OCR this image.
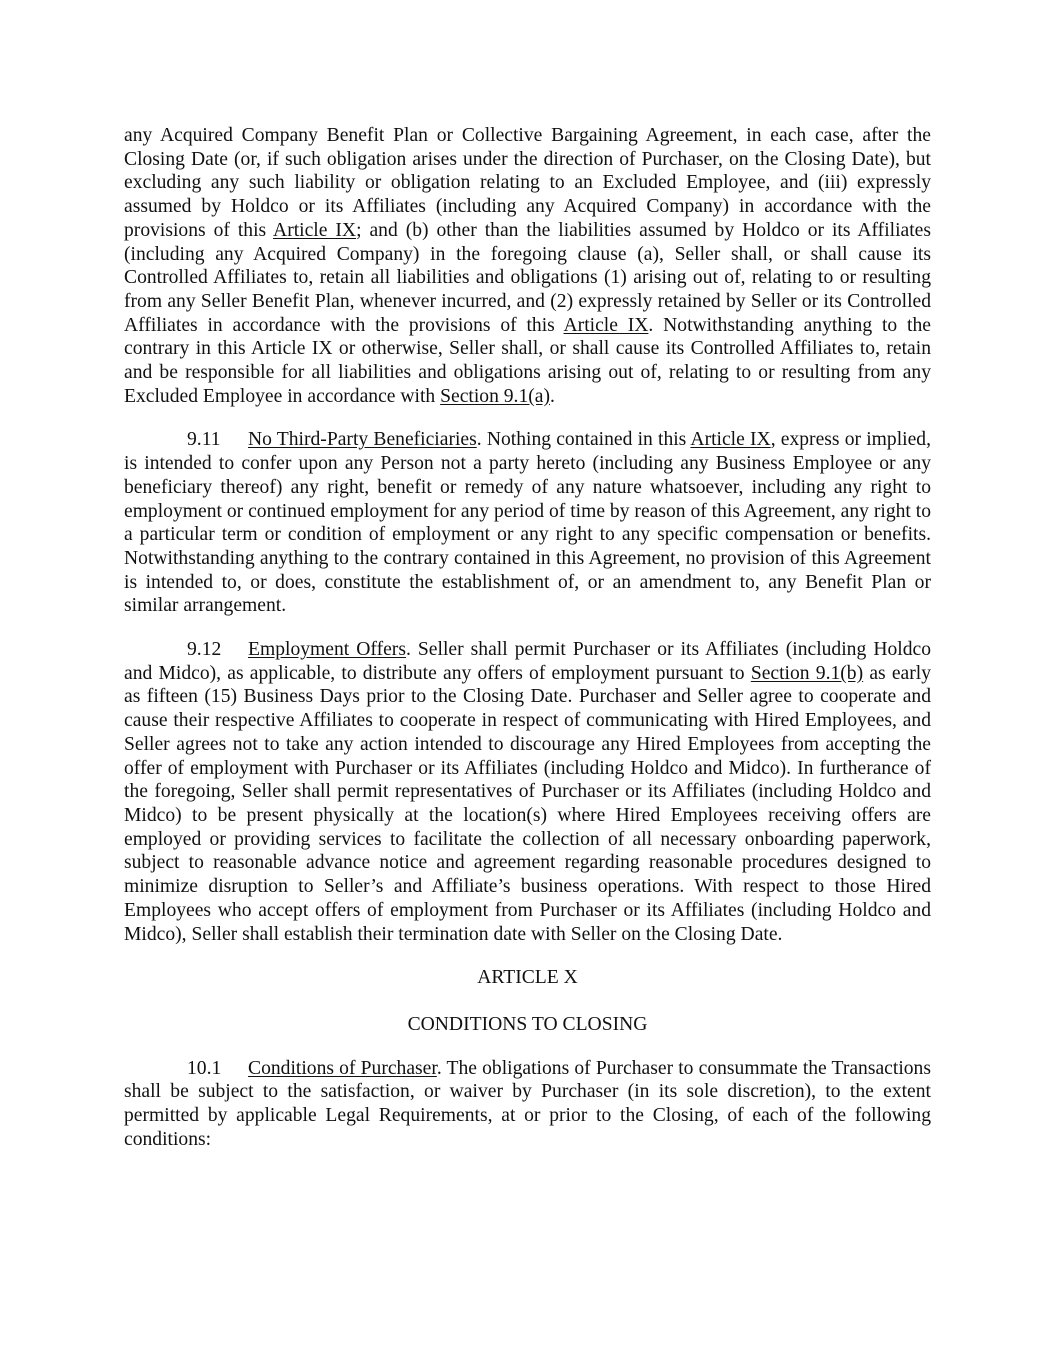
any Acquired Company Benefit Plan or Collective Bargaining Agreement, in each case, after the Closing Date (or, if such obligation arises under the direction of Purchaser, on the Closing Date), but excluding any such liability or obligation relating to an Excluded Employee, and (iii) expressly assumed by Holdco or its Affiliates (including any Acquired Company) in accordance with the provisions of this Article IX; and (b) other than the liabilities assumed by Holdco or its Affiliates (including any Acquired Company) in the foregoing clause (a), Seller shall, or shall cause its Controlled Affiliates to, retain all liabilities and obligations (1) arising out of, relating to or resulting from any Seller Benefit Plan, whenever incurred, and (2) expressly retained by Seller or its Controlled Affiliates in accordance with the provisions of this Article IX. Notwithstanding anything to the contrary in this Article IX or otherwise, Seller shall, or shall cause its Controlled Affiliates to, retain and be responsible for all liabilities and obligations arising out of, relating to or resulting from any Excluded Employee in accordance with Section 9.1(a).

9.11 No Third-Party Beneficiaries. Nothing contained in this Article IX, express or implied, is intended to confer upon any Person not a party hereto (including any Business Employee or any beneficiary thereof) any right, benefit or remedy of any nature whatsoever, including any right to employment or continued employment for any period of time by reason of this Agreement, any right to a particular term or condition of employment or any right to any specific compensation or benefits. Notwithstanding anything to the contrary contained in this Agreement, no provision of this Agreement is intended to, or does, constitute the establishment of, or an amendment to, any Benefit Plan or similar arrangement.

9.12 Employment Offers. Seller shall permit Purchaser or its Affiliates (including Holdco and Midco), as applicable, to distribute any offers of employment pursuant to Section 9.1(b) as early as fifteen (15) Business Days prior to the Closing Date. Purchaser and Seller agree to cooperate and cause their respective Affiliates to cooperate in respect of communicating with Hired Employees, and Seller agrees not to take any action intended to discourage any Hired Employees from accepting the offer of employment with Purchaser or its Affiliates (including Holdco and Midco). In furtherance of the foregoing, Seller shall permit representatives of Purchaser or its Affiliates (including Holdco and Midco) to be present physically at the location(s) where Hired Employees receiving offers are employed or providing services to facilitate the collection of all necessary onboarding paperwork, subject to reasonable advance notice and agreement regarding reasonable procedures designed to minimize disruption to Seller’s and Affiliate’s business operations. With respect to those Hired Employees who accept offers of employment from Purchaser or its Affiliates (including Holdco and Midco), Seller shall establish their termination date with Seller on the Closing Date.

ARTICLE X

CONDITIONS TO CLOSING

10.1 Conditions of Purchaser. The obligations of Purchaser to consummate the Transactions shall be subject to the satisfaction, or waiver by Purchaser (in its sole discretion), to the extent permitted by applicable Legal Requirements, at or prior to the Closing, of each of the following conditions:
